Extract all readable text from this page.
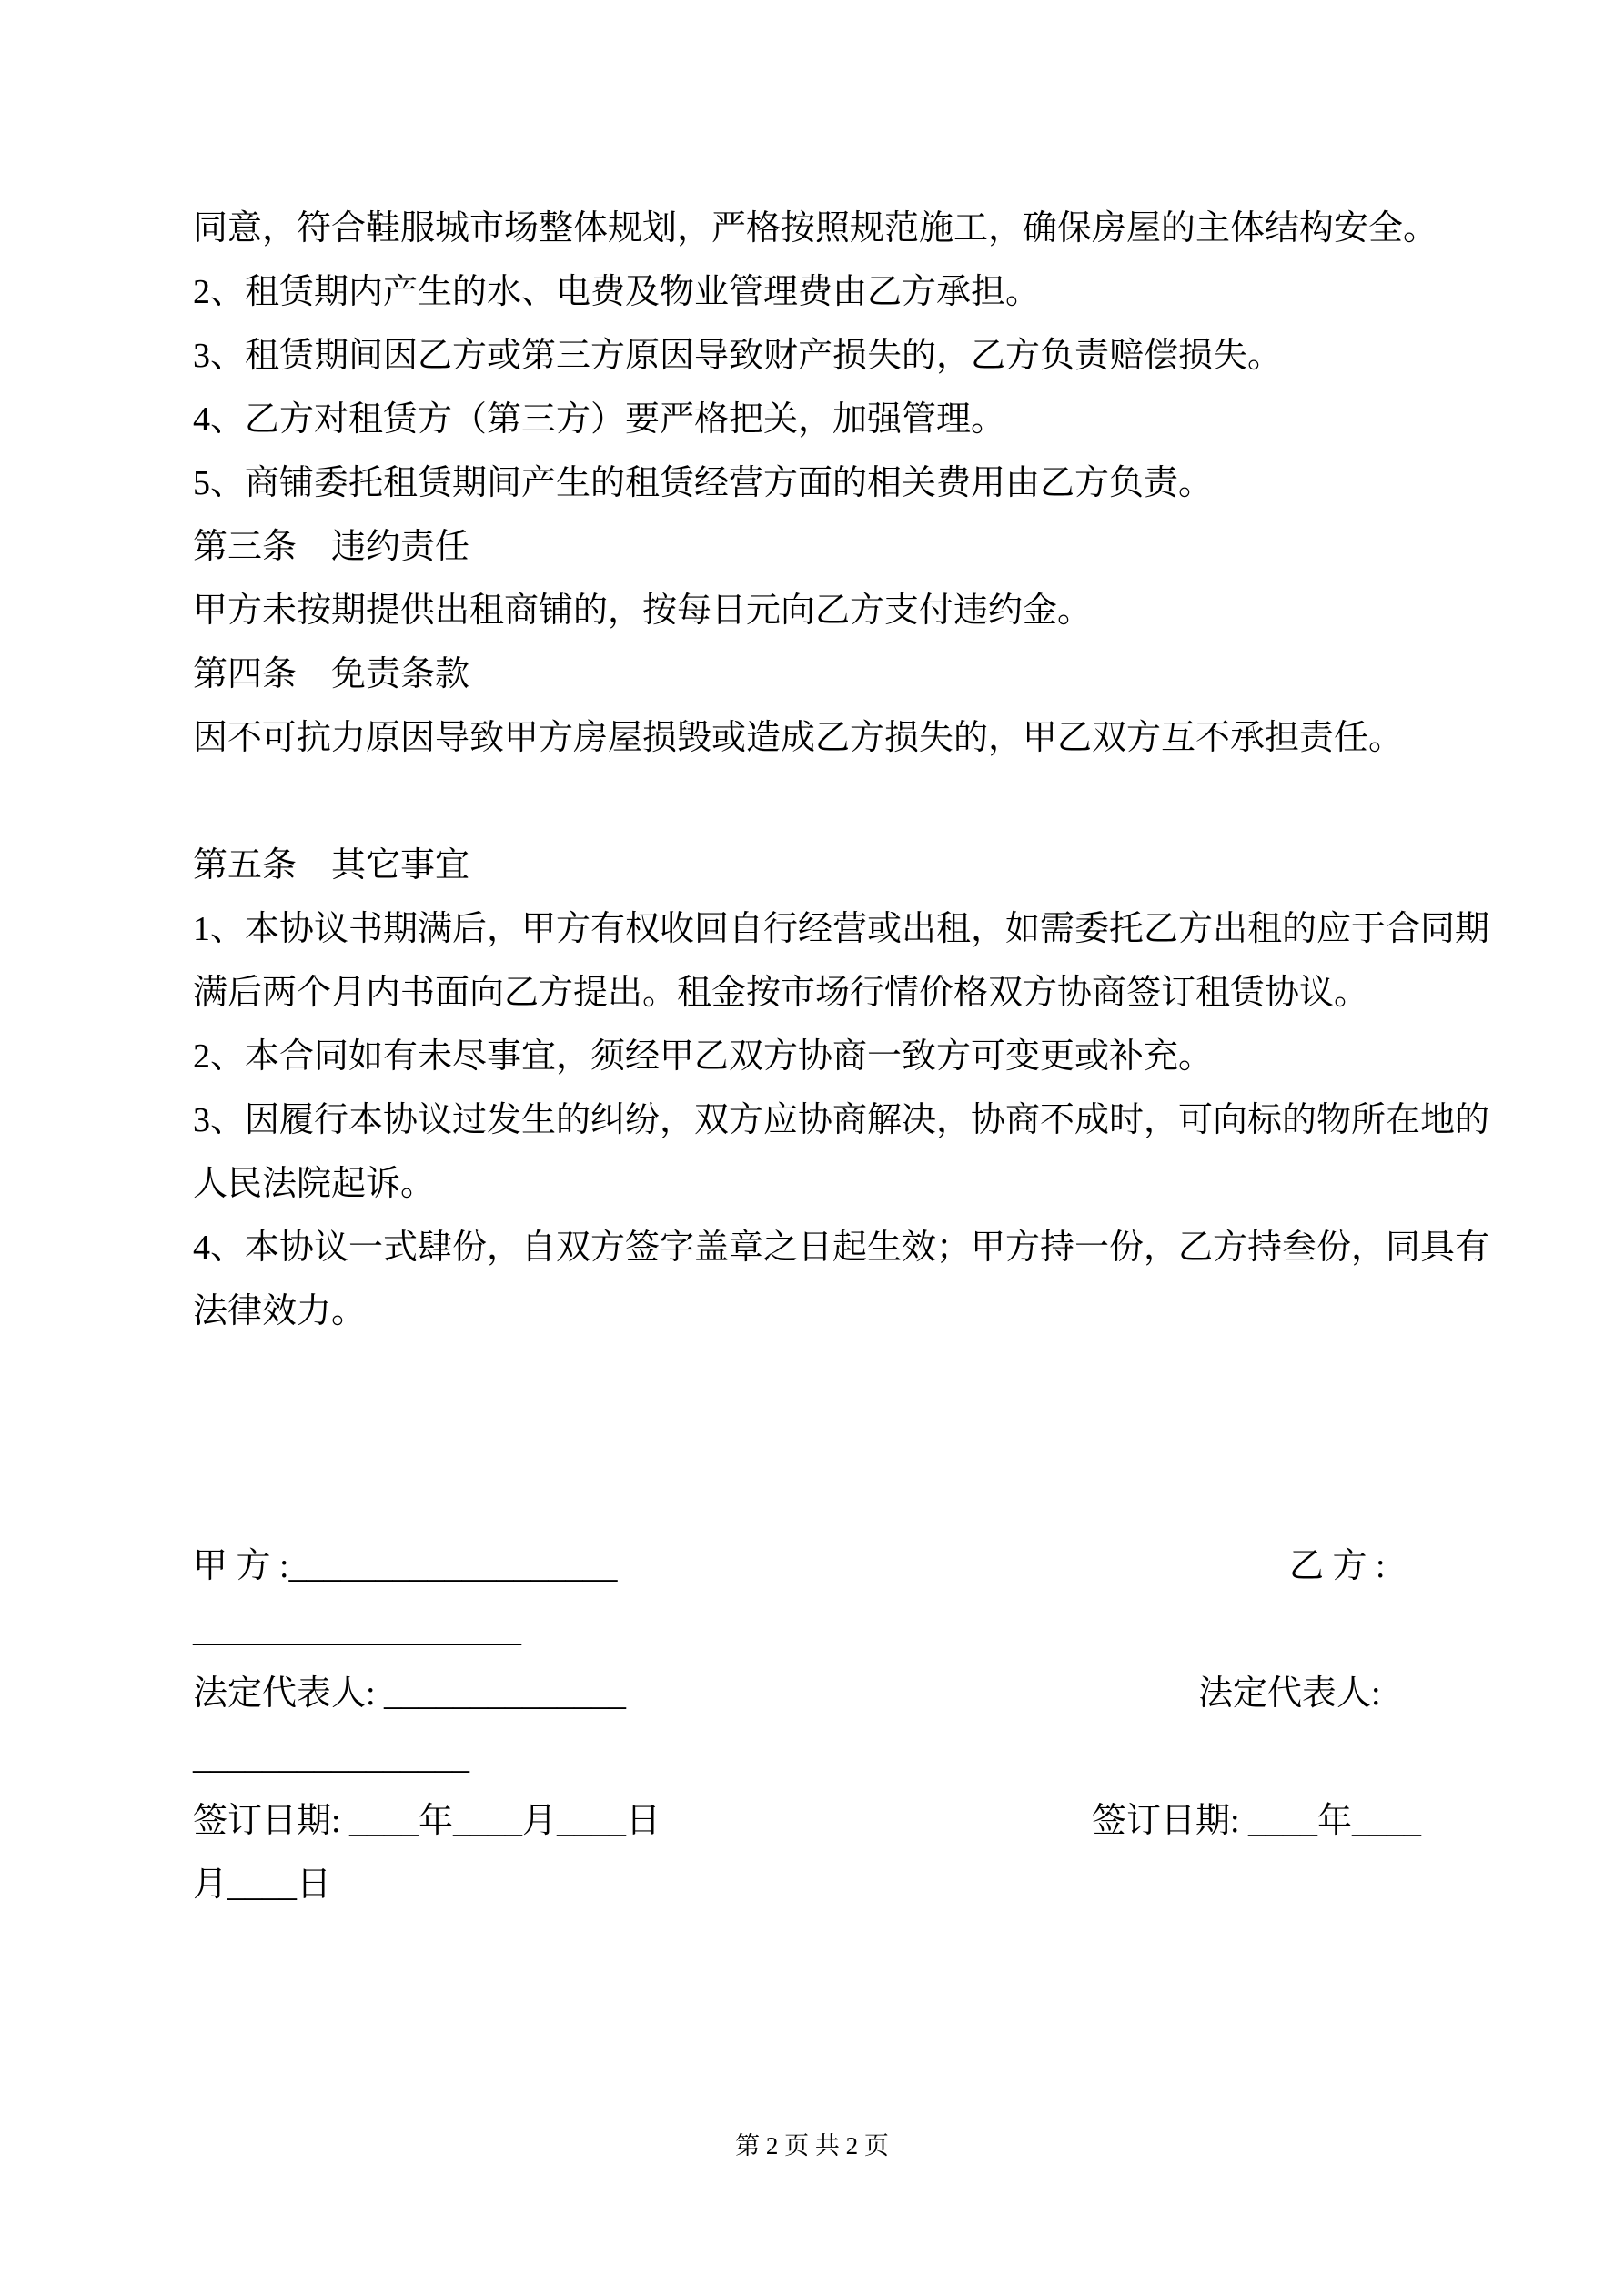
同意，符合鞋服城市场整体规划，严格按照规范施工，确保房屋的主体结构安全。
2、租赁期内产生的水、电费及物业管理费由乙方承担。
3、租赁期间因乙方或第三方原因导致财产损失的，乙方负责赔偿损失。
4、乙方对租赁方（第三方）要严格把关，加强管理。
5、商铺委托租赁期间产生的租赁经营方面的相关费用由乙方负责。
第三条　违约责任
甲方未按期提供出租商铺的，按每日元向乙方支付违约金。
第四条　免责条款
因不可抗力原因导致甲方房屋损毁或造成乙方损失的，甲乙双方互不承担责任。
第五条　其它事宜
1、本协议书期满后，甲方有权收回自行经营或出租，如需委托乙方出租的应于合同期
满后两个月内书面向乙方提出。租金按市场行情价格双方协商签订租赁协议。
2、本合同如有未尽事宜，须经甲乙双方协商一致方可变更或补充。
3、因履行本协议过发生的纠纷，双方应协商解决，协商不成时，可向标的物所在地的
人民法院起诉。
4、本协议一式肆份，自双方签字盖章之日起生效；甲方持一份，乙方持叁份，同具有
法律效力。
甲 方 :___________________	乙 方 :
___________________
法定代表人: ______________	法定代表人:
________________
签订日期: ____年____月____日	签订日期: ____年____
月____日
第 2 页 共 2 页
